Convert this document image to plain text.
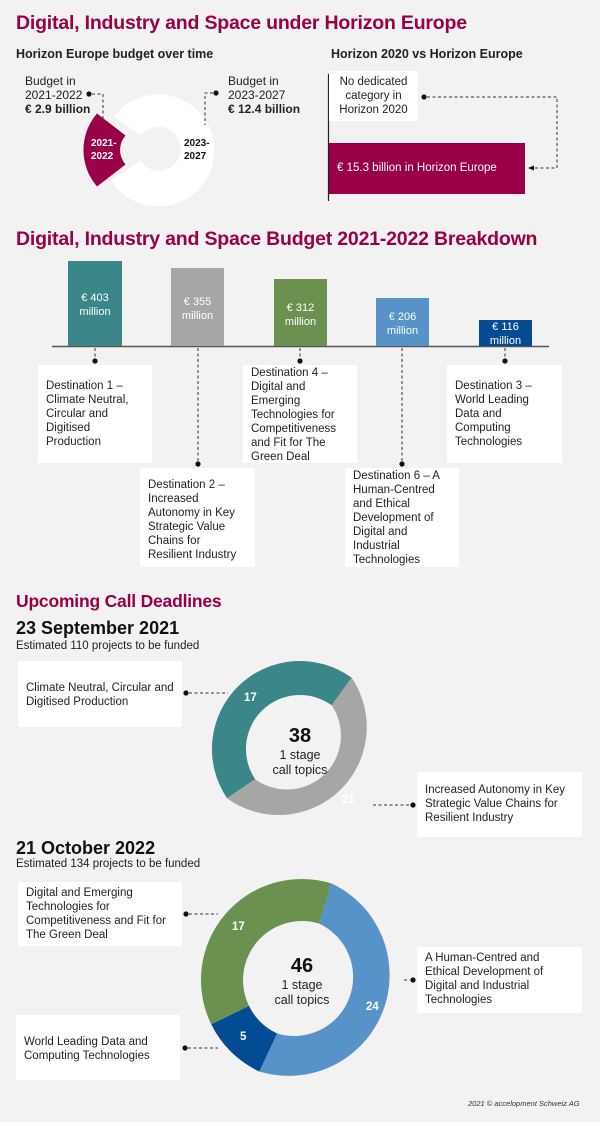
Digital, Industry and Space under Horizon Europe
Horizon Europe budget over time	Horizon 2020 vs Horizon Europe
Budget in
2021-2022
€ 2.9 billion
Budget in
2023-2027
€ 12.4 billion
2021-
2022
2023-
2027
No dedicated
category in
Horizon 2020
€ 15.3 billion in Horizon Europe
Digital, Industry and Space Budget 2021-2022 Breakdown
€ 403
million
€ 355
million
€ 312
million	€ 206
million	€ 116
million
Destination 1 –
Climate Neutral,
Circular and
Digitised
Production
Destination 2 –
Increased
Autonomy in Key
Strategic Value
Chains for
Resilient Industry
Destination 4 –
Digital and
Emerging
Technologies for
Competitiveness
and Fit for The
Green Deal
Destination 6 – A
Human-Centred
and Ethical
Development of
Digital and
Industrial
Technologies
Destination 3 –
World Leading
Data and
Computing
Technologies
Upcoming Call Deadlines
23 September 2021
Estimated 110 projects to be funded
Climate Neutral, Circular and
Digitised Production
Increased Autonomy in Key
Strategic Value Chains for
Resilient Industry
17
21
38
1 stage
call topics
21 October 2022
Estimated 134 projects to be funded
Digital and Emerging
Technologies for
Competitiveness and Fit for
The Green Deal
World Leading Data and
Computing Technologies
A Human-Centred and
Ethical Development of
Digital and Industrial
Technologies
17
24
5
46
1 stage
call topics
2021 © accelopment Schweiz AG
